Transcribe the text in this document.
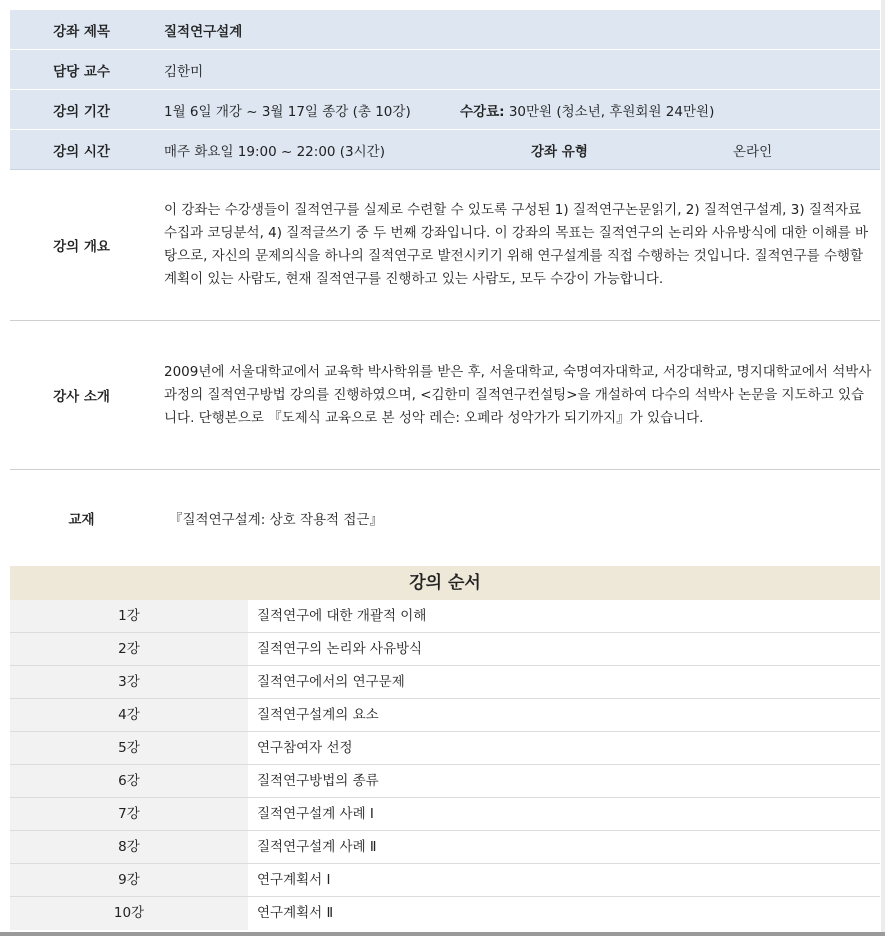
강좌 제목	질적연구설계
담당 교수	김한미
강의 기간	1월 6일 개강 ~ 3월 17일 종강 (총 10강)	수강료: 30만원 (청소년, 후원회원 24만원)
강의 시간	매주 화요일 19:00 ~ 22:00 (3시간)	강좌 유형	온라인
강의 개요
이 강좌는 수강생들이 질적연구를 실제로 수련할 수 있도록 구성된 1) 질적연구논문읽기, 2) 질적연구설계, 3) 질적자료수집과 코딩분석, 4) 질적글쓰기 중 두 번째 강좌입니다. 이 강좌의 목표는 질적연구의 논리와 사유방식에 대한 이해를 바탕으로, 자신의 문제의식을 하나의 질적연구로 발전시키기 위해 연구설계를 직접 수행하는 것입니다. 질적연구를 수행할 계획이 있는 사람도, 현재 질적연구를 진행하고 있는 사람도, 모두 수강이 가능합니다.
강사 소개
2009년에 서울대학교에서 교육학 박사학위를 받은 후, 서울대학교, 숙명여자대학교, 서강대학교, 명지대학교에서 석박사과정의 질적연구방법 강의를 진행하였으며, <김한미 질적연구컨설팅>을 개설하여 다수의 석박사 논문을 지도하고 있습니다. 단행본으로 『도제식 교육으로 본 성악 레슨: 오페라 성악가가 되기까지』가 있습니다.
교재	『질적연구설계: 상호 작용적 접근』
강의 순서
1강	질적연구에 대한 개괄적 이해
2강	질적연구의 논리와 사유방식
3강	질적연구에서의 연구문제
4강	질적연구설계의 요소
5강	연구참여자 선정
6강	질적연구방법의 종류
7강	질적연구설계 사례 Ⅰ
8강	질적연구설계 사례 Ⅱ
9강	연구계획서 Ⅰ
10강	연구계획서 Ⅱ
